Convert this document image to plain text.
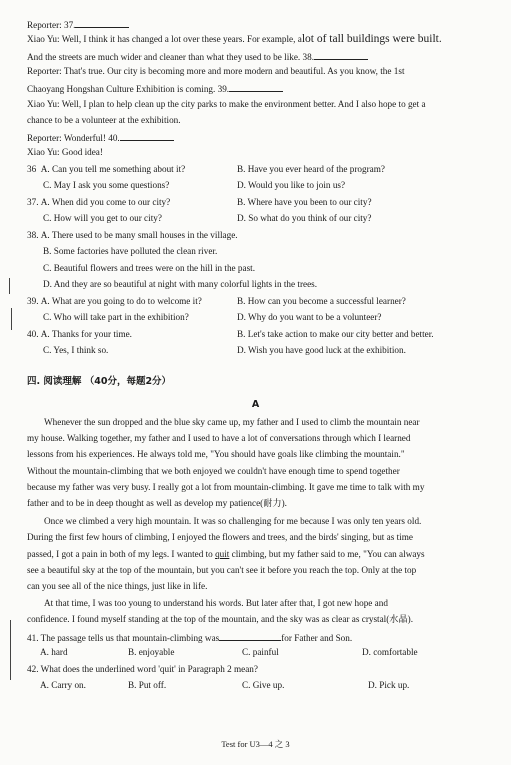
Reporter: 37.
Xiao Yu: Well, I think it has changed a lot over these years. For example, alot of tall buildings were built.
And the streets are much wider and cleaner than what they used to be like. 38.
Reporter: That's true. Our city is becoming more and more modern and beautiful. As you know, the 1st
Chaoyang Hongshan Culture Exhibition is coming. 39.
Xiao Yu: Well, I plan to help clean up the city parks to make the environment better. And I also hope to get a
chance to be a volunteer at the exhibition.
Reporter: Wonderful! 40.
Xiao Yu: Good idea!
36 A. Can you tell me something about it?	B. Have you ever heard of the program?
C. May I ask you some questions?	D. Would you like to join us?
37. A. When did you come to our city?	B. Where have you been to our city?
C. How will you get to our city?	D. So what do you think of our city?
38. A. There used to be many small houses in the village.
B. Some factories have polluted the clean river.
C. Beautiful flowers and trees were on the hill in the past.
D. And they are so beautiful at night with many colorful lights in the trees.
39. A. What are you going to do to welcome it?	B. How can you become a successful learner?
C. Who will take part in the exhibition?	D. Why do you want to be a volunteer?
40. A. Thanks for your time.	B. Let's take action to make our city better and better.
C. Yes, I think so.	D. Wish you have good luck at the exhibition.
四. 阅读理解 （40分，每题2分）
A
Whenever the sun dropped and the blue sky came up, my father and I used to climb the mountain near
my house. Walking together, my father and I used to have a lot of conversations through which I learned
lessons from his experiences. He always told me, "You should have goals like climbing the mountain."
Without the mountain-climbing that we both enjoyed we couldn't have enough time to spend together
because my father was very busy. I really got a lot from mountain-climbing. It gave me time to talk with my
father and to be in deep thought as well as develop my patience(耐力).
Once we climbed a very high mountain. It was so challenging for me because I was only ten years old.
During the first few hours of climbing, I enjoyed the flowers and trees, and the birds' singing, but as time
passed, I got a pain in both of my legs. I wanted to quit climbing, but my father said to me, "You can always
see a beautiful sky at the top of the mountain, but you can't see it before you reach the top. Only at the top
can you see all of the nice things, just like in life.
At that time, I was too young to understand his words. But later after that, I got new hope and
confidence. I found myself standing at the top of the mountain, and the sky was as clear as crystal(水晶).
41. The passage tells us that mountain-climbing was	for Father and Son.
A. hard	B. enjoyable	C. painful	D. comfortable
42. What does the underlined word 'quit' in Paragraph 2 mean?
A. Carry on.	B. Put off.	C. Give up.	D. Pick up.
Test for U3—4 之 3
